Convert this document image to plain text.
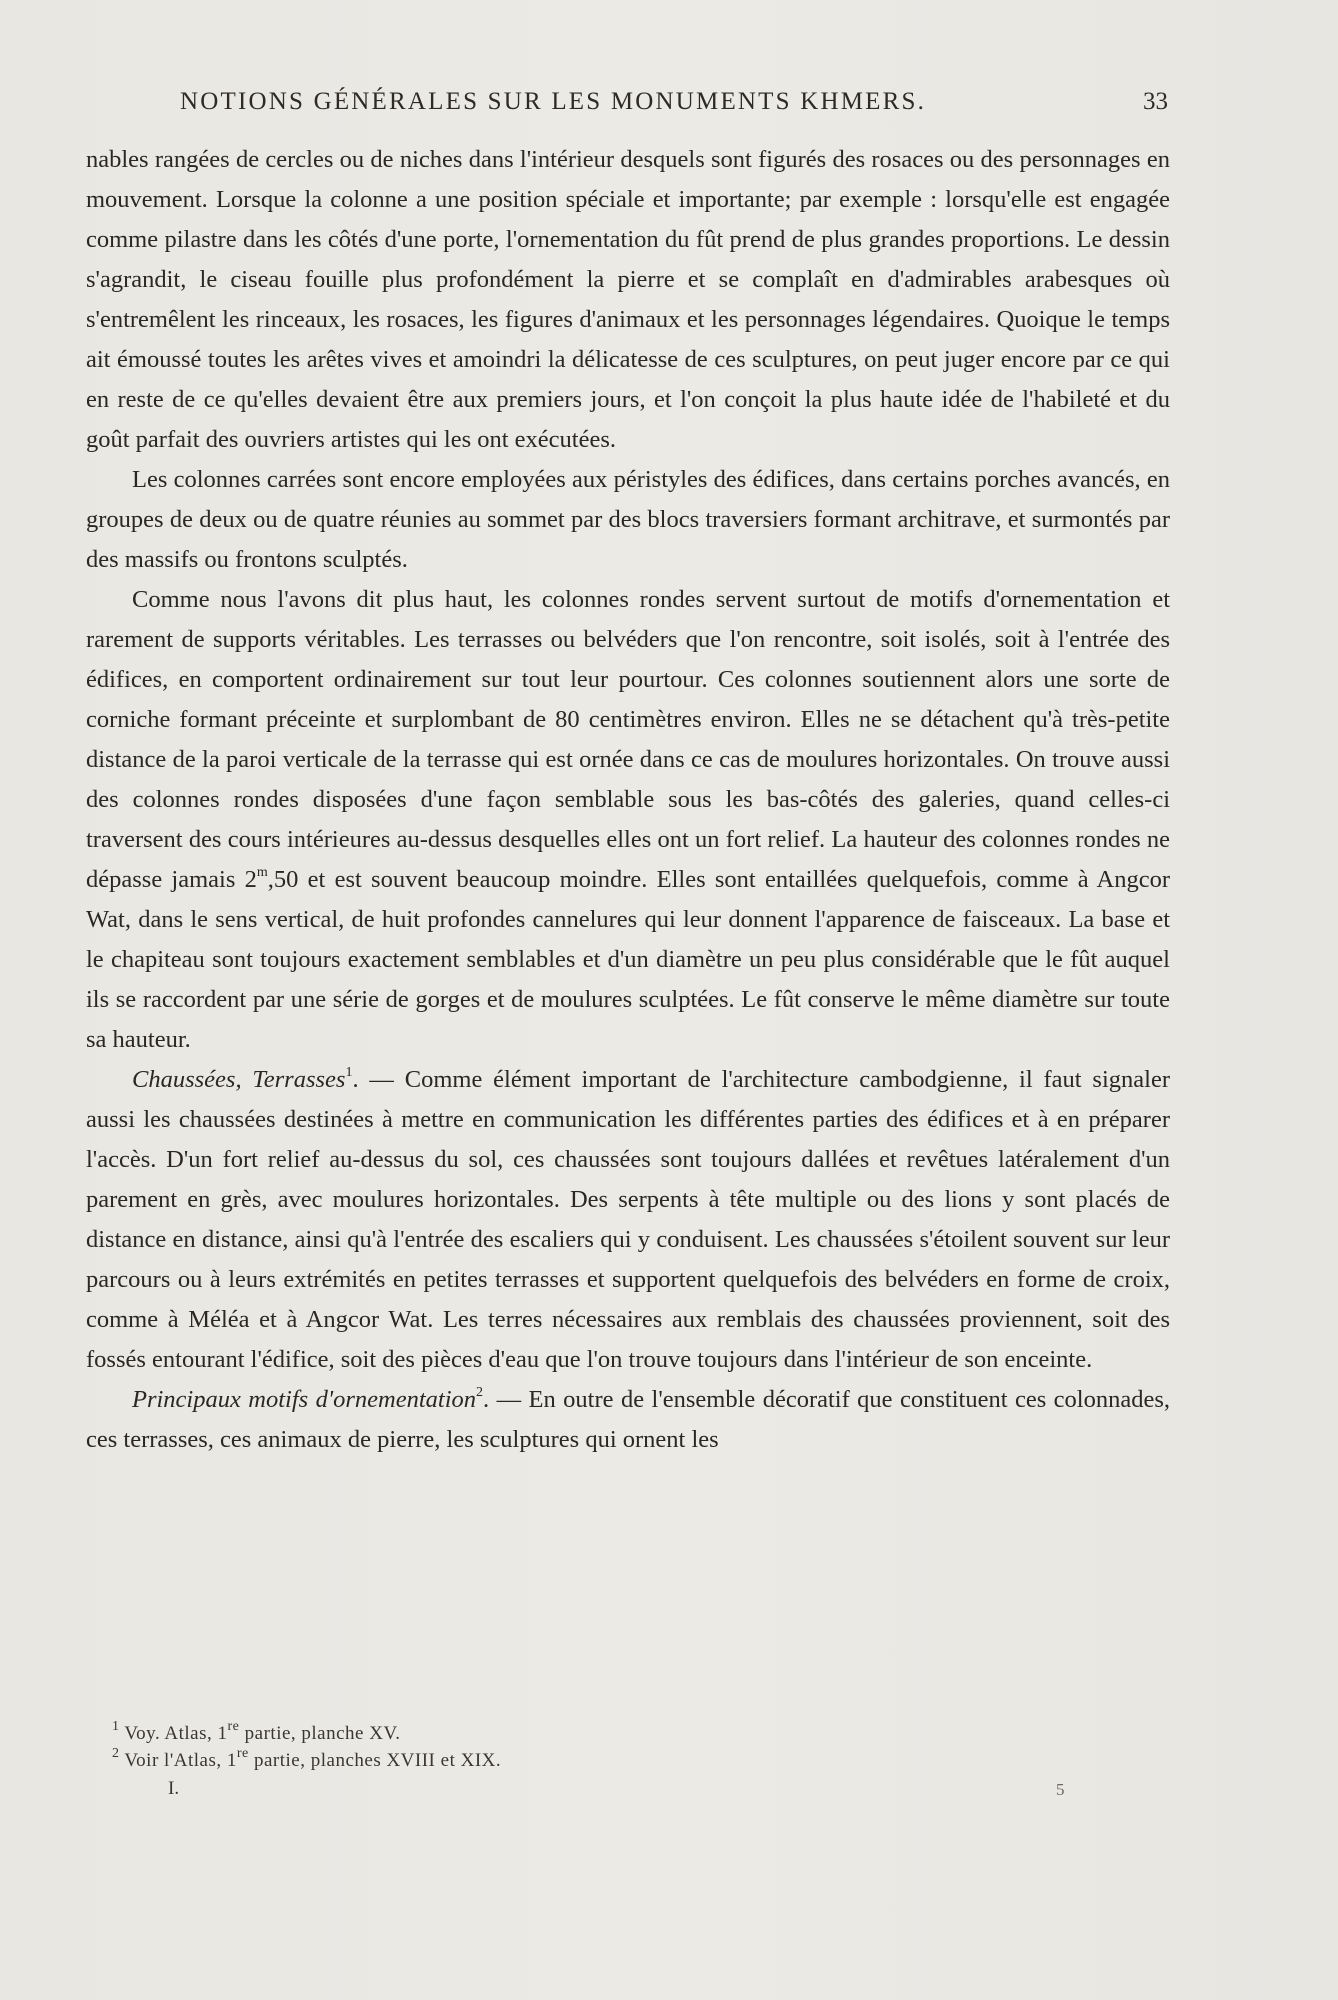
NOTIONS GÉNÉRALES SUR LES MONUMENTS KHMERS.	33

nables rangées de cercles ou de niches dans l'intérieur desquels sont figurés des rosaces ou des personnages en mouvement. Lorsque la colonne a une position spéciale et importante; par exemple : lorsqu'elle est engagée comme pilastre dans les côtés d'une porte, l'ornementation du fût prend de plus grandes proportions. Le dessin s'agrandit, le ciseau fouille plus profondément la pierre et se complaît en d'admirables arabesques où s'entremêlent les rinceaux, les rosaces, les figures d'animaux et les personnages légendaires. Quoique le temps ait émoussé toutes les arêtes vives et amoindri la délicatesse de ces sculptures, on peut juger encore par ce qui en reste de ce qu'elles devaient être aux premiers jours, et l'on conçoit la plus haute idée de l'habileté et du goût parfait des ouvriers artistes qui les ont exécutées.

Les colonnes carrées sont encore employées aux péristyles des édifices, dans certains porches avancés, en groupes de deux ou de quatre réunies au sommet par des blocs traversiers formant architrave, et surmontés par des massifs ou frontons sculptés.

Comme nous l'avons dit plus haut, les colonnes rondes servent surtout de motifs d'ornementation et rarement de supports véritables. Les terrasses ou belvéders que l'on rencontre, soit isolés, soit à l'entrée des édifices, en comportent ordinairement sur tout leur pourtour. Ces colonnes soutiennent alors une sorte de corniche formant préceinte et surplombant de 80 centimètres environ. Elles ne se détachent qu'à très-petite distance de la paroi verticale de la terrasse qui est ornée dans ce cas de moulures horizontales. On trouve aussi des colonnes rondes disposées d'une façon semblable sous les bas-côtés des galeries, quand celles-ci traversent des cours intérieures au-dessus desquelles elles ont un fort relief. La hauteur des colonnes rondes ne dépasse jamais 2$^m$,50 et est souvent beaucoup moindre. Elles sont entaillées quelquefois, comme à Angcor Wat, dans le sens vertical, de huit profondes cannelures qui leur donnent l'apparence de faisceaux. La base et le chapiteau sont toujours exactement semblables et d'un diamètre un peu plus considérable que le fût auquel ils se raccordent par une série de gorges et de moulures sculptées. Le fût conserve le même diamètre sur toute sa hauteur.

Chaussées, Terrasses$^1$. — Comme élément important de l'architecture cambodgienne, il faut signaler aussi les chaussées destinées à mettre en communication les différentes parties des édifices et à en préparer l'accès. D'un fort relief au-dessus du sol, ces chaussées sont toujours dallées et revêtues latéralement d'un parement en grès, avec moulures horizontales. Des serpents à tête multiple ou des lions y sont placés de distance en distance, ainsi qu'à l'entrée des escaliers qui y conduisent. Les chaussées s'étoilent souvent sur leur parcours ou à leurs extrémités en petites terrasses et supportent quelquefois des belvéders en forme de croix, comme à Méléa et à Angcor Wat. Les terres nécessaires aux remblais des chaussées proviennent, soit des fossés entourant l'édifice, soit des pièces d'eau que l'on trouve toujours dans l'intérieur de son enceinte.

Principaux motifs d'ornementation$^2$. — En outre de l'ensemble décoratif que constituent ces colonnades, ces terrasses, ces animaux de pierre, les sculptures qui ornent les

$^1$ Voy. Atlas, 1re partie, planche XV.
$^2$ Voir l'Atlas, 1re partie, planches XVIII et XIX.
I.	5
